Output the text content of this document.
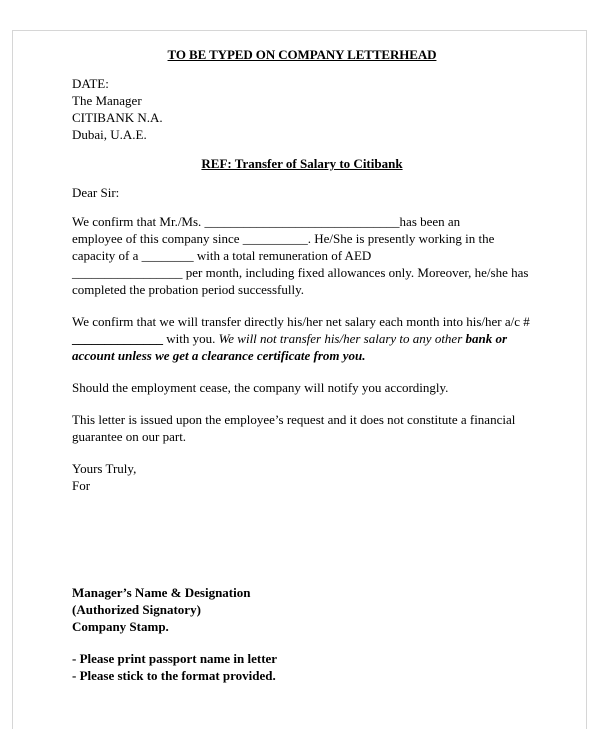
TO BE TYPED ON COMPANY LETTERHEAD
DATE:
The Manager
CITIBANK N.A.
Dubai, U.A.E.
REF: Transfer of Salary to Citibank
Dear Sir:
We confirm that Mr./Ms. ______________________________has been an
employee of this company since __________. He/She is presently working in the
capacity of a ________ with a total remuneration of AED
_________________ per month, including fixed allowances only. Moreover, he/she has
completed the probation period successfully.
We confirm that we will transfer directly his/her net salary each month into his/her a/c #
______________ with you. We will not transfer his/her salary to any other bank or
account unless we get a clearance certificate from you.
Should the employment cease, the company will notify you accordingly.
This letter is issued upon the employee’s request and it does not constitute a financial
guarantee on our part.
Yours Truly,
For
Manager’s Name & Designation
(Authorized Signatory)
Company Stamp.
- Please print passport name in letter
- Please stick to the format provided.
